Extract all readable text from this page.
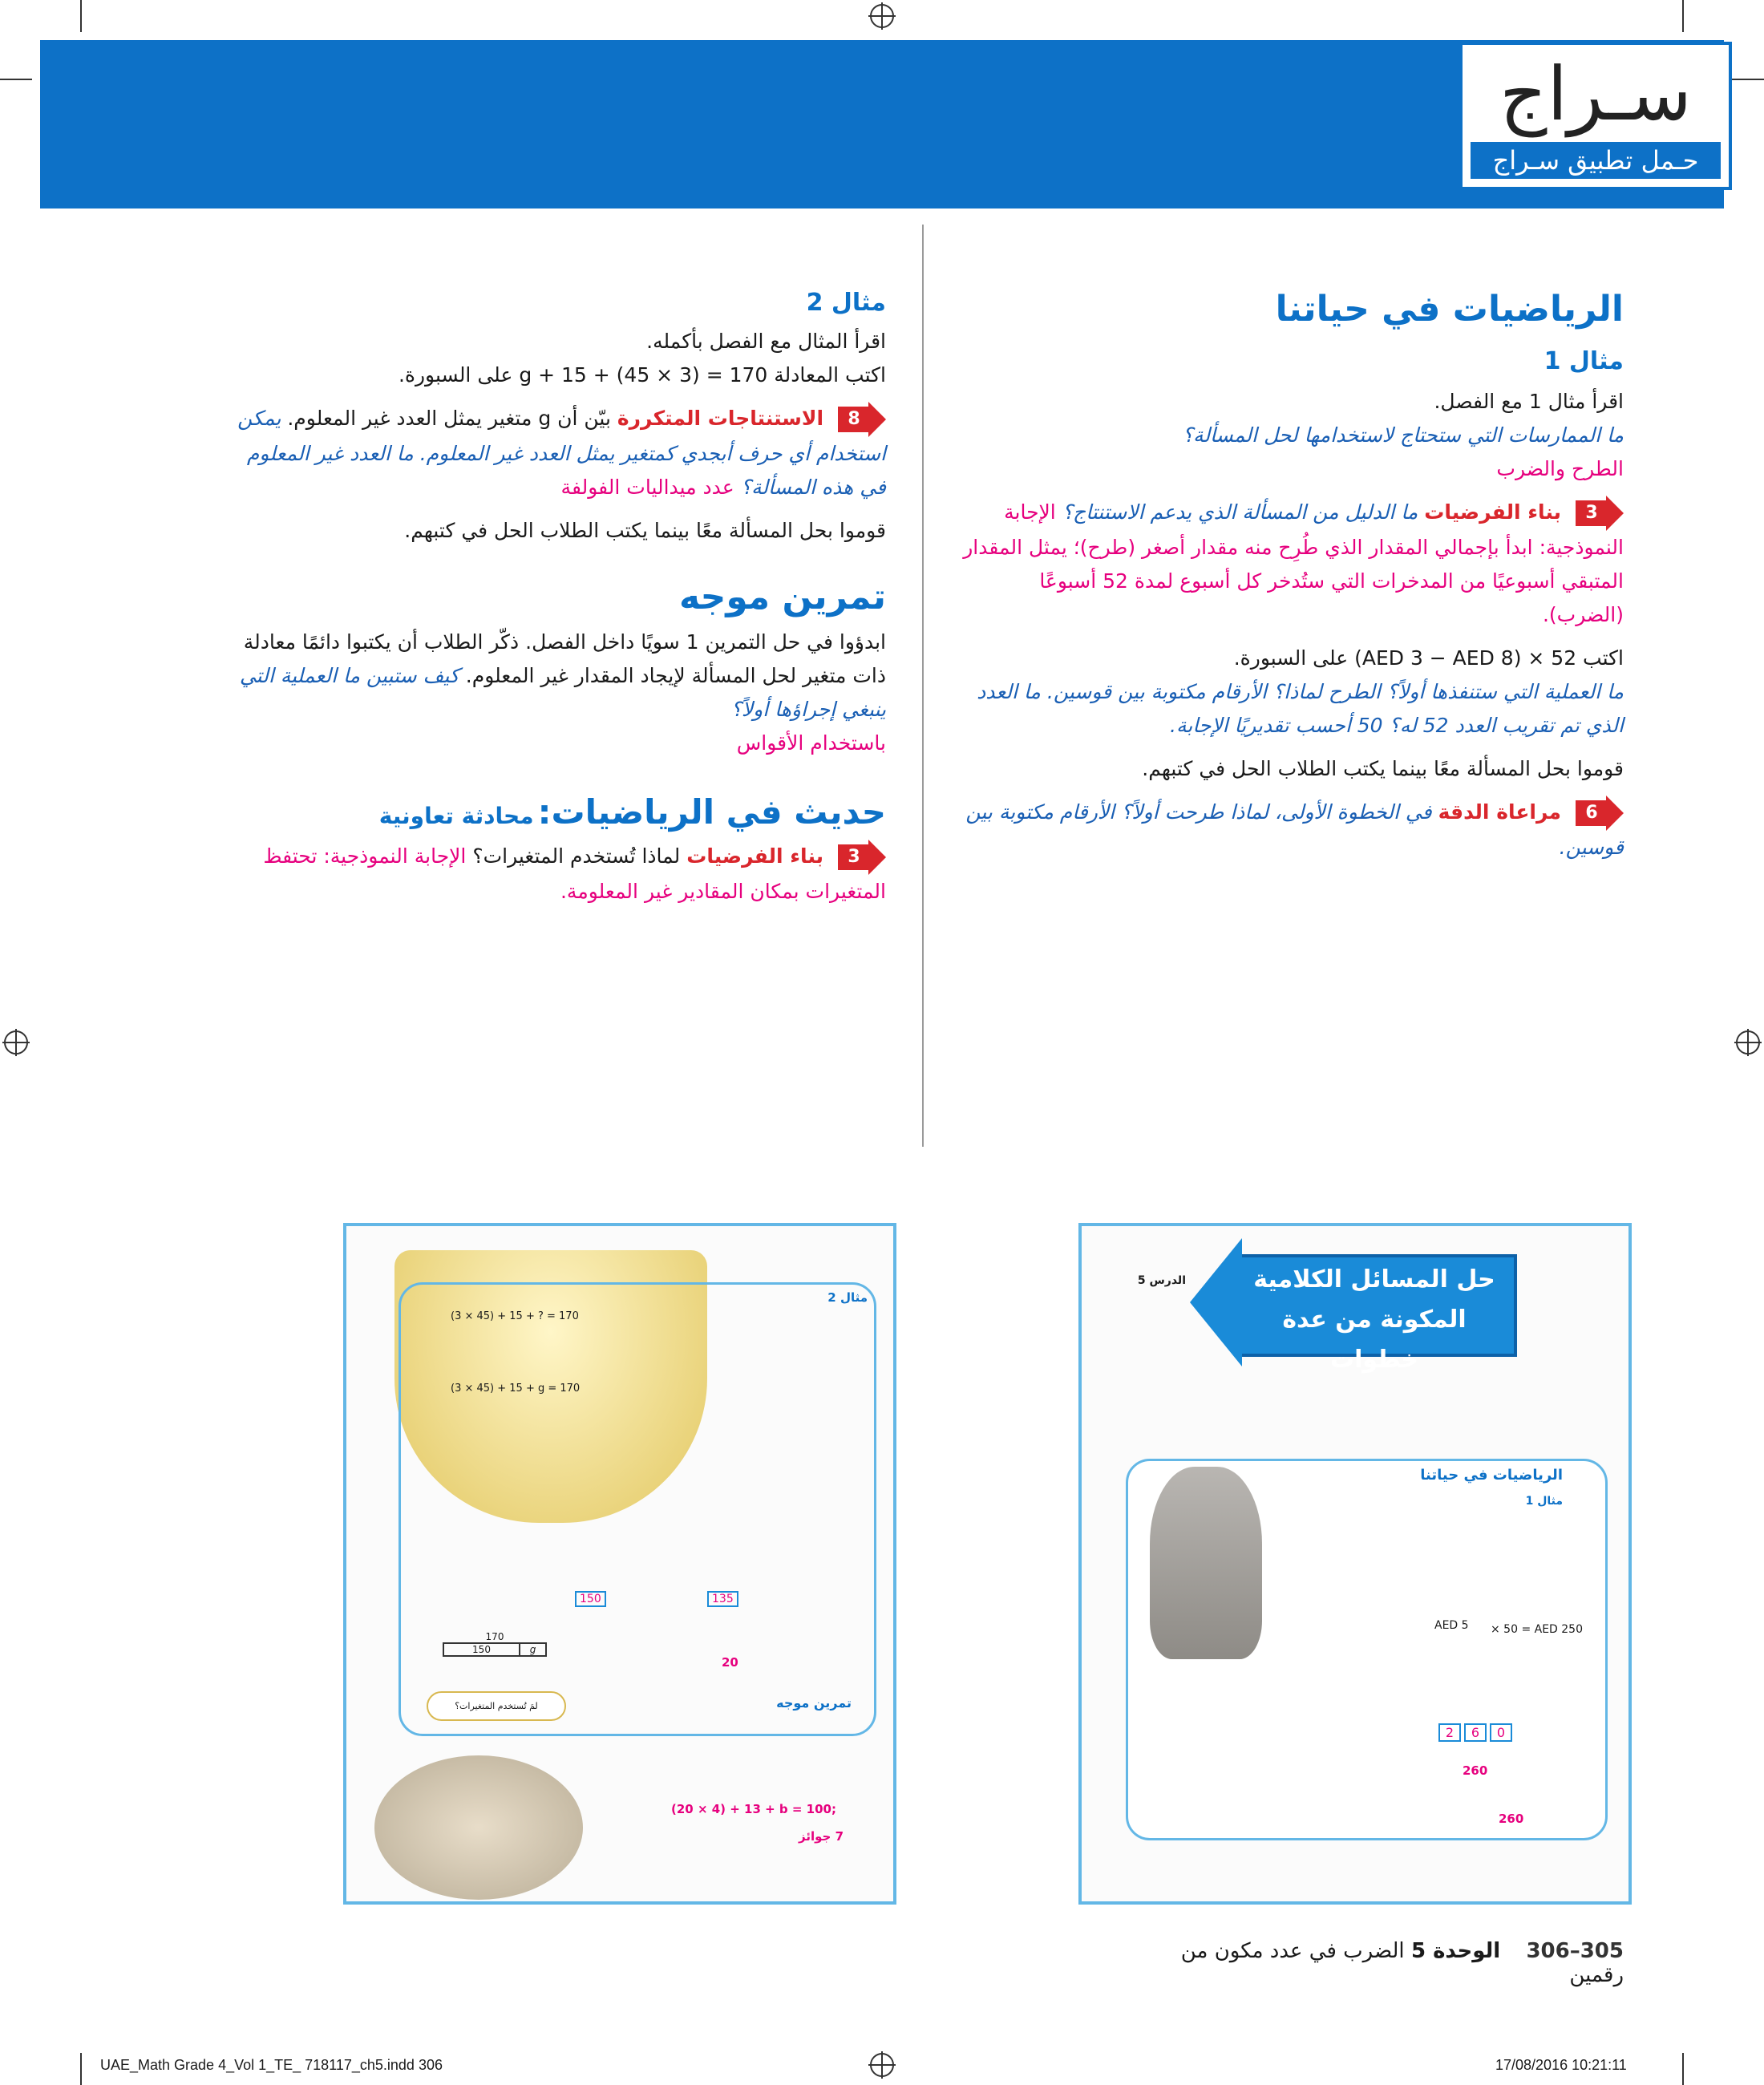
سـراج
حـمل تطبيق سـراج
الرياضيات في حياتنا
مثال 1
اقرأ مثال 1 مع الفصل.
ما الممارسات التي ستحتاج لاستخدامها لحل المسألة؟
الطرح والضرب
3
بناء الفرضيات ما الدليل من المسألة الذي يدعم الاستنتاج؟ الإجابة النموذجية: ابدأ بإجمالي المقدار الذي طُرِح منه مقدار أصغر (طرح)؛ يمثل المقدار المتبقي أسبوعيًا من المدخرات التي ستُدخر كل أسبوع لمدة 52 أسبوعًا (الضرب).
اكتب 52 × (AED 3 − AED 8) على السبورة.
ما العملية التي ستنفذها أولاً؟ الطرح لماذا؟ الأرقام مكتوبة بين قوسين. ما العدد الذي تم تقريب العدد 52 له؟ 50 أحسب تقديريًا الإجابة.
قوموا بحل المسألة معًا بينما يكتب الطلاب الحل في كتبهم.
6
مراعاة الدقة في الخطوة الأولى، لماذا طرحت أولاً؟ الأرقام مكتوبة بين قوسين.
مثال 2
اقرأ المثال مع الفصل بأكمله.
اكتب المعادلة 170 = g + 15 + (45 × 3) على السبورة.
8
الاستنتاجات المتكررة بيّن أن g متغير يمثل العدد غير المعلوم. يمكن استخدام أي حرف أبجدي كمتغير يمثل العدد غير المعلوم. ما العدد غير المعلوم في هذه المسألة؟ عدد ميداليات الفولفة
قوموا بحل المسألة معًا بينما يكتب الطلاب الحل في كتبهم.
تمرين موجه
ابدؤوا في حل التمرين 1 سويًا داخل الفصل. ذكّر الطلاب أن يكتبوا دائمًا معادلة ذات متغير لحل المسألة لإيجاد المقدار غير المعلوم. كيف ستبين ما العملية التي ينبغي إجراؤها أولاً؟
باستخدام الأقواس
حديث في الرياضيات: محادثة تعاونية
3
بناء الفرضيات لماذا تُستخدم المتغيرات؟ الإجابة النموذجية: تحتفظ المتغيرات بمكان المقادير غير المعلومة.
حل المسائل الكلامية
المكونة من عدة خطوات
الدرس 5
الرياضيات في حياتنا
مثال 1
AED 5 × 50 = AED 250
2	6	0
260
260
(3 × 45) + 15 + ? = 170
(3 × 45) + 15 + g = 170
مثال 2
150	135
170
150	g
20
تمرين موجه
(20 × 4) + 13 + b = 100;
7 جوائز
لمَ تُستخدم المتغيرات؟
305–306 الوحدة 5 الضرب في عدد مكون من رقمين
UAE_Math Grade 4_Vol 1_TE_ 718117_ch5.indd 306	17/08/2016 10:21:11
